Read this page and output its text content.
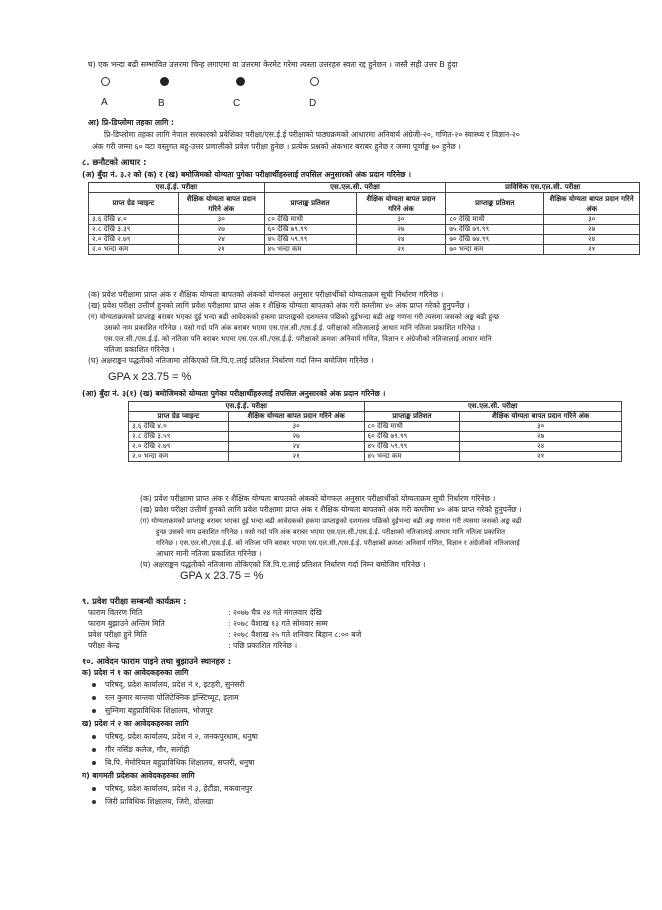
घ) एक भन्दा बढी सम्भावित उत्तरमा चिन्ह लगाएमा वा उत्तरमा केरमेट गरेमा त्यस्ता उत्तरहरु स्वतः रद्द हुनेछन । जस्तै सही उत्तर B हुंदा
A	B	C	D
आ) प्रि-डिप्लोमा तहका लागि :
प्रि-डिप्लोमा तहका लागि नेपाल सरकारको प्रवेशिका परीक्षा/एस.ई.ई परीक्षाको पाठ्यक्रमको आधारमा अनिवार्य अंग्रेजी-२०, गणित-२० स्वास्थ्य र विज्ञान-२०
अंक गरी जम्मा ६० वटा वस्तुगत बहु-उत्तर प्रणालीको प्रवेश परीक्षा हुनेछ । प्रत्येक प्रश्नको अंकभार बराबर हुनेछ र जम्मा पूर्णाङ्क ७० हुनेछ ।
८. छनौटको आधार :
(अ) बुँदा नं. ३.२ को (क) र (ख) बमोजिमको योग्यता पुगेका परीक्षार्थीहरुलाई तपसिल अनुसारको अंक प्रदान गरिनेछ ।
एस.ई.ई. परीक्षा		एस.एल.सी. परीक्षा		प्राविधिक एस.एल.सी. परीक्षा	
प्राप्त ग्रेड प्वाइन्ट	शैक्षिक योग्यता बापत प्रदान गरिने अंक	प्राप्ताङ्क प्रतिशत	शैक्षिक योग्यता बापत प्रदान गरिने अंक	प्राप्ताङ्क प्रतिशत	शैक्षिक योग्यता बापत प्रदान गरिने अंक
३.६ देखि ४.०	३०	८० देखि माथी	३०	८० देखि माथी	३०
२.८ देखि ३.३९	२७	६० देखि ७९.९९	२७	७५ देखि ७९.९९	२७
२.० देखि २.७९	२४	४५ देखि ५९.९९	२४	७० देखि ७४.९९	२४
२.० भन्दा कम	२१	४५ भन्दा कम	२१	७० भन्दा कम	२१
(क) प्रवेश परीक्षामा प्राप्त अंक र शैक्षिक योग्यता बापतको अंकको योगफल अनुसार परीक्षार्थीको योग्यताक्रम सूची निर्धारण गरिनेछ ।
(ख) प्रवेश परीक्षा उत्तीर्ण हुनको लागि प्रवेश परीक्षामा प्राप्त अंक र शैक्षिक योग्यता बापतको अंक गरी कम्तीमा ४० अंक प्राप्त गरेको हुनुपर्नेछ ।
(ग) योग्यताक्रमको प्राप्ताङ्क बराबर भएका दुई भन्दा बढी आवेदकको हकमा प्राप्ताङ्कको दशमलव पछिको दुईभन्दा बढी अङ्क गणना गरी त्यसमा जसको अङ्क बढी हुन्छ
उसको नाम प्रकाशित गरिनेछ । यसो गर्दा पनि अंक बराबर भएमा एस.एल.सी./एस.ई.ई. परीक्षाको नतिजालाई आधार मानि नतिजा प्रकाशित गरिनेछ ।
एस.एल.सी./एस.ई.ई. को नतिजा पनि बराबर भएमा एस.एल.सी./एस.ई.ई. परीक्षाको क्रमशः अनिवार्य गणित, विज्ञान र अंग्रेजीको नतिजालाई आधार मानि
नतिजा प्रकाशित गरिनेछ ।
(घ) अक्षराङ्कन पद्धतीको नतिजामा तोकिएको जि.पि.ए.लाई प्रतिशत निर्धारण गर्दा निम्न बमोजिम गरिनेछ ।
GPA x 23.75 = %
(आ) बुँदा नं. ३(१) (ख) बमोजिमको योग्यता पुगेका परीक्षार्थीहरुलाई तपसिल अनुसारको अंक प्रदान गरिनेछ ।
एस.ई.ई. परीक्षा		एस.एल.सी. परीक्षा	
प्राप्त ग्रेड प्वाइन्ट	शैक्षिक योग्यता बापत प्रदान गरिने अंक	प्राप्ताङ्क प्रतिशत	शैक्षिक योग्यता बापत प्रदान गरिने अंक
३.६ देखि ४.०	३०	८० देखि माथी	३०
२.८ देखि ३.५९	२७	६० देखि ७९.९९	२७
२.० देखि २.७९	२४	४५ देखि ५९.९९	२४
२.० भन्दा कम	२१	४५ भन्दा कम	२१
(क) प्रवेश परीक्षामा प्राप्त अंक र शैक्षिक योग्यता बापतको अंकको योगफल अनुसार परीक्षार्थीको योग्यताक्रम सूची निर्धारण गरिनेछ ।
(ख) प्रवेश परीक्षा उत्तीर्ण हुनको लागि प्रवेश परीक्षामा प्राप्त अंक र शैक्षिक योग्यता बापतको अंक गरी कम्तीमा ४० अंक प्राप्त गरेको हुनुपर्नेछ ।
(ग) योग्यताक्रमको प्राप्ताङ्क बराबर भएका दुई भन्दा बढी आवेदकको हकमा प्राप्ताङ्कको दशमलव पछिको दुईभन्दा बढी अङ्क गणना गरी त्यसमा जसको अङ्क बढी
हुन्छ उसको नाम प्रकाशित गरिनेछ । यसो गर्दा पनि अंक बराबर भएमा एस.एल.सी./एस.ई.ई. परीक्षाको नतिजालाई आधार मानि नतिजा प्रकाशित
गरिनेछ । एस.एल.सी./एस.ई.ई. को नतिजा पनि बराबर भएमा एस.एल.सी./एस.ई.ई. परीक्षाको क्रमशः अनिवार्य गणित, विज्ञान र अंग्रेजीको नतिजालाई
आधार मानी नतिजा प्रकाशित गरिनेछ ।
(घ) अक्षराङ्कन पद्धतीको नतिजामा तोकिएको जि.पि.ए.लाई प्रतिशत निर्धारण गर्दा निम्न बमोजिम गरिनेछ ।
GPA x 23.75 = %
९. प्रवेश परीक्षा सम्बन्धी कार्यक्रम :
फाराम वितरण मिति	: २०७७ चैत्र २४ गते मंगलवार देखि
फाराम बुझाउने अन्तिम मिति	: २०७८ वैशाख १३ गते सोमवार सम्म
प्रवेश परीक्षा हुने मिति	: २०७८ वैशाख २५ गते शनिवार बिहान ८:०० बजे
परीक्षा केन्द्र	: पछि प्रकाशित गरिनेछ ।
१०. आवेदन फाराम पाइने तथा बुझाउने स्थानहरु :
क) प्रदेश नं १ का आवेदकहरुका लागि
परिषद्, प्रदेश कार्यालय, प्रदेश नं १, इटहरी, सुनसरी
रत्न कुमार बान्तवा पोलिटेक्निक इन्स्टिच्यूट, इलाम
सुम्निमा बहुप्राविधिक शिक्षालय, भोजपुर
ख) प्रदेश नं २ का आवेदकहरुका लागि
परिषद्, प्रदेश कार्यालय, प्रदेश नं २, जनकपुरधाम, धनुषा
गौर नर्सिङ कलेज, गौर, सर्लाही
बि.पि. मेमोरियल बहुप्राविधिक शिक्षालय, सप्तरी, धनुषा
ग) बागमती प्रदेशका आवेदकहरुका लागि
परिषद्, प्रदेश कार्यालय, प्रदेश नं ३, हेटौंडा, मकवानपुर
जिरी प्राविधिक शिक्षालय, जिरी, दोलखा
